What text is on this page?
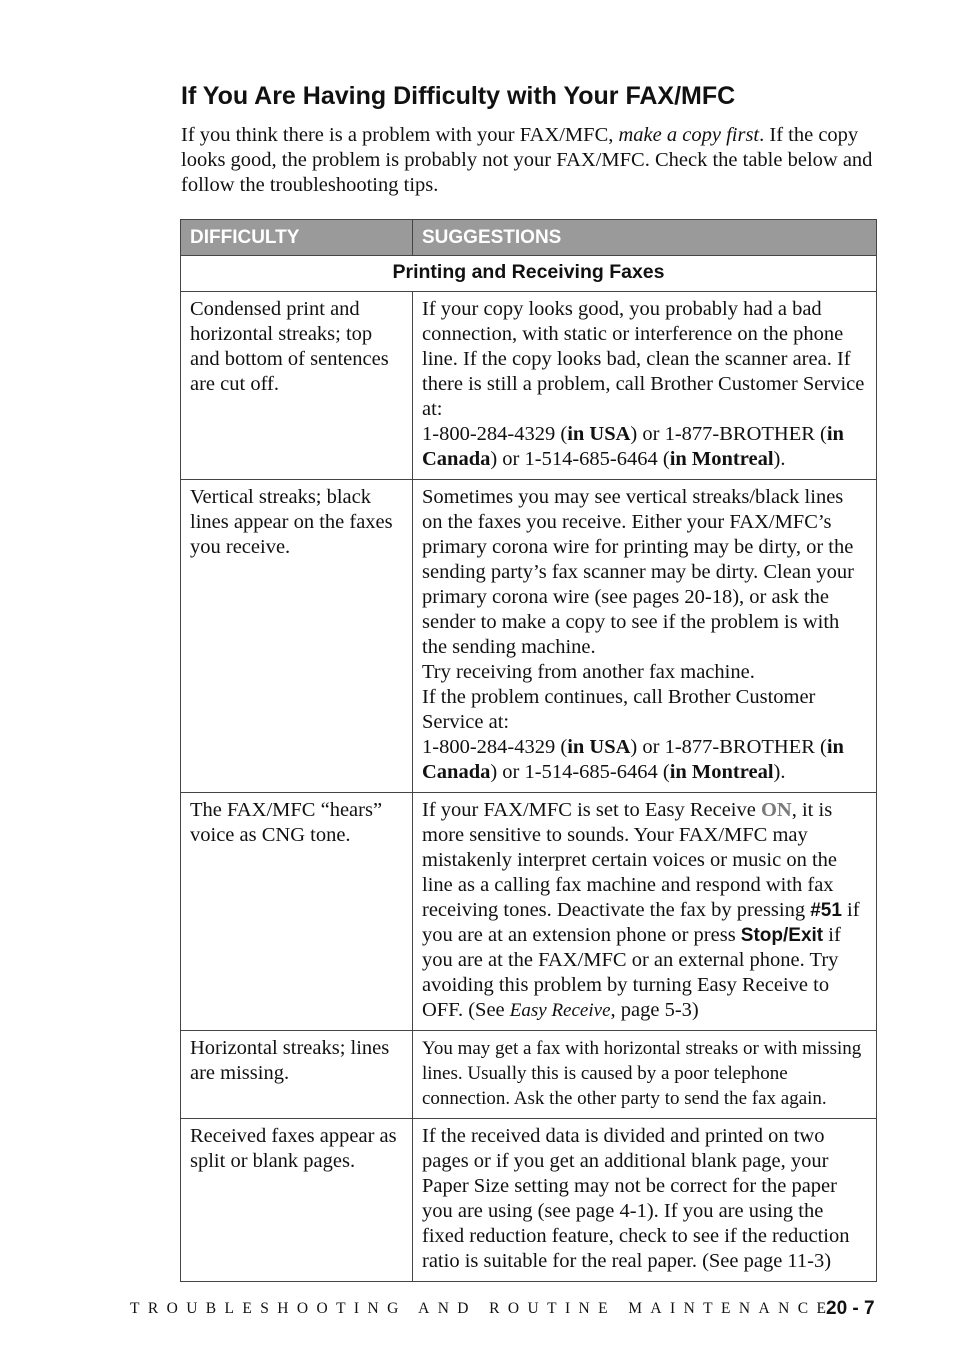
If You Are Having Difficulty with Your FAX/MFC

If you think there is a problem with your FAX/MFC, make a copy first. If the copy looks good, the problem is probably not your FAX/MFC. Check the table below and follow the troubleshooting tips.

DIFFICULTY	SUGGESTIONS
Printing and Receiving Faxes	
Condensed print and horizontal streaks; top and bottom of sentences are cut off.	If your copy looks good, you probably had a bad connection, with static or interference on the phone line. If the copy looks bad, clean the scanner area. If there is still a problem, call Brother Customer Service at:
1-800-284-4329 (in USA) or 1-877-BROTHER (in Canada) or 1-514-685-6464 (in Montreal).
Vertical streaks; black lines appear on the faxes you receive.	Sometimes you may see vertical streaks/black lines on the faxes you receive. Either your FAX/MFC’s primary corona wire for printing may be dirty, or the sending party’s fax scanner may be dirty. Clean your primary corona wire (see pages 20-18), or ask the sender to make a copy to see if the problem is with the sending machine.
Try receiving from another fax machine.
If the problem continues, call Brother Customer Service at:
1-800-284-4329 (in USA) or 1-877-BROTHER (in Canada) or 1-514-685-6464 (in Montreal).
The FAX/MFC “hears” voice as CNG tone.	If your FAX/MFC is set to Easy Receive ON, it is more sensitive to sounds. Your FAX/MFC may mistakenly interpret certain voices or music on the line as a calling fax machine and respond with fax receiving tones. Deactivate the fax by pressing #51 if you are at an extension phone or press Stop/Exit if you are at the FAX/MFC or an external phone. Try avoiding this problem by turning Easy Receive to OFF. (See Easy Receive, page 5-3)
Horizontal streaks; lines are missing.	You may get a fax with horizontal streaks or with missing lines. Usually this is caused by a poor telephone connection. Ask the other party to send the fax again.
Received faxes appear as split or blank pages.	If the received data is divided and printed on two pages or if you get an additional blank page, your Paper Size setting may not be correct for the paper you are using (see page 4-1). If you are using the fixed reduction feature, check to see if the reduction ratio is suitable for the real paper. (See page 11-3)
TROUBLESHOOTING AND ROUTINE MAINTENANCE
20 - 7
